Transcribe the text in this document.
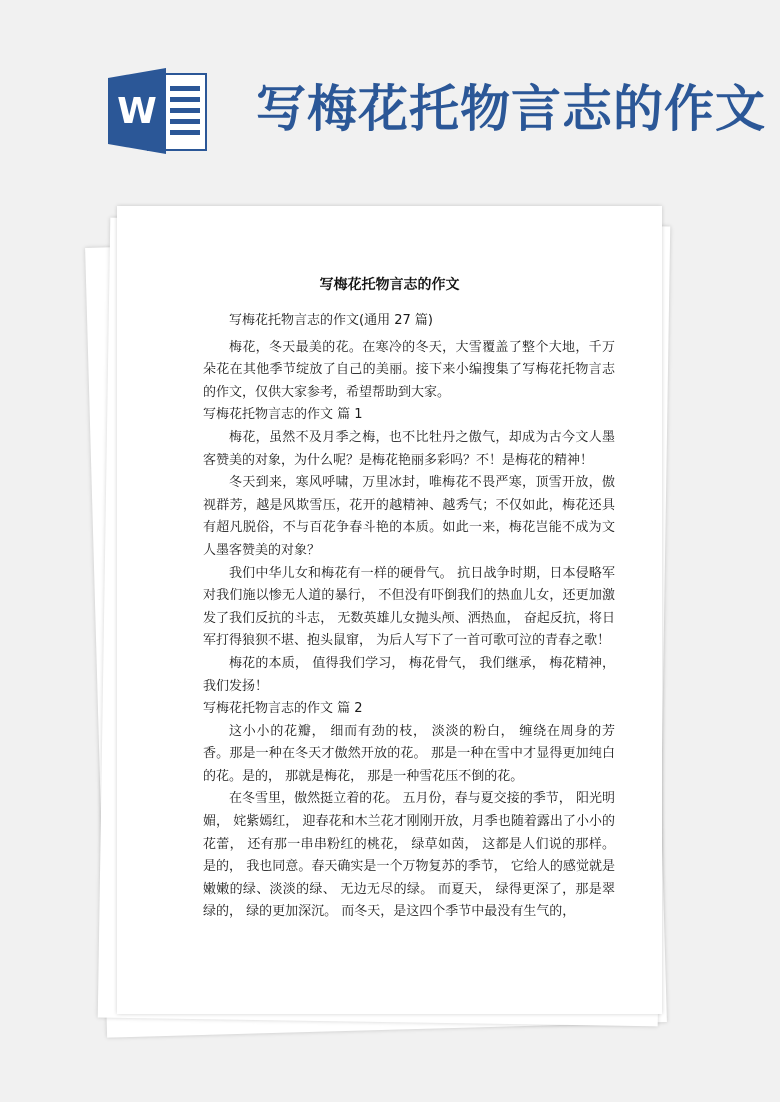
W 写梅花托物言志的作文
写梅花托物言志的作文

写梅花托物言志的作文(通用 27 篇)

梅花，冬天最美的花。在寒冷的冬天，大雪覆盖了整个大地，千万朵花在其他季节绽放了自己的美丽。接下来小编搜集了写梅花托物言志的作文，仅供大家参考，希望帮助到大家。

写梅花托物言志的作文 篇 1

梅花，虽然不及月季之梅，也不比牡丹之傲气，却成为古今文人墨客赞美的对象，为什么呢？是梅花艳丽多彩吗？不！是梅花的精神！

冬天到来，寒风呼啸，万里冰封，唯梅花不畏严寒，顶雪开放，傲视群芳，越是风欺雪压，花开的越精神、越秀气；不仅如此，梅花还具有超凡脱俗，不与百花争春斗艳的本质。如此一来，梅花岂能不成为文人墨客赞美的对象？

我们中华儿女和梅花有一样的硬骨气。 抗日战争时期，日本侵略军对我们施以惨无人道的暴行， 不但没有吓倒我们的热血儿女，还更加激发了我们反抗的斗志， 无数英雄儿女抛头颅、洒热血， 奋起反抗，将日军打得狼狈不堪、抱头鼠窜， 为后人写下了一首可歌可泣的青春之歌！

梅花的本质， 值得我们学习， 梅花骨气， 我们继承， 梅花精神，我们发扬！

写梅花托物言志的作文 篇 2

这小小的花瓣， 细而有劲的枝， 淡淡的粉白， 缠绕在周身的芳香。那是一种在冬天才傲然开放的花。 那是一种在雪中才显得更加纯白的花。是的， 那就是梅花， 那是一种雪花压不倒的花。

在冬雪里，傲然挺立着的花。 五月份，春与夏交接的季节， 阳光明媚， 姹紫嫣红， 迎春花和木兰花才刚刚开放，月季也随着露出了小小的花蕾， 还有那一串串粉红的桃花， 绿草如茵， 这都是人们说的那样。是的， 我也同意。春天确实是一个万物复苏的季节， 它给人的感觉就是嫩嫩的绿、淡淡的绿、 无边无尽的绿。 而夏天， 绿得更深了，那是翠绿的， 绿的更加深沉。 而冬天，是这四个季节中最没有生气的，
